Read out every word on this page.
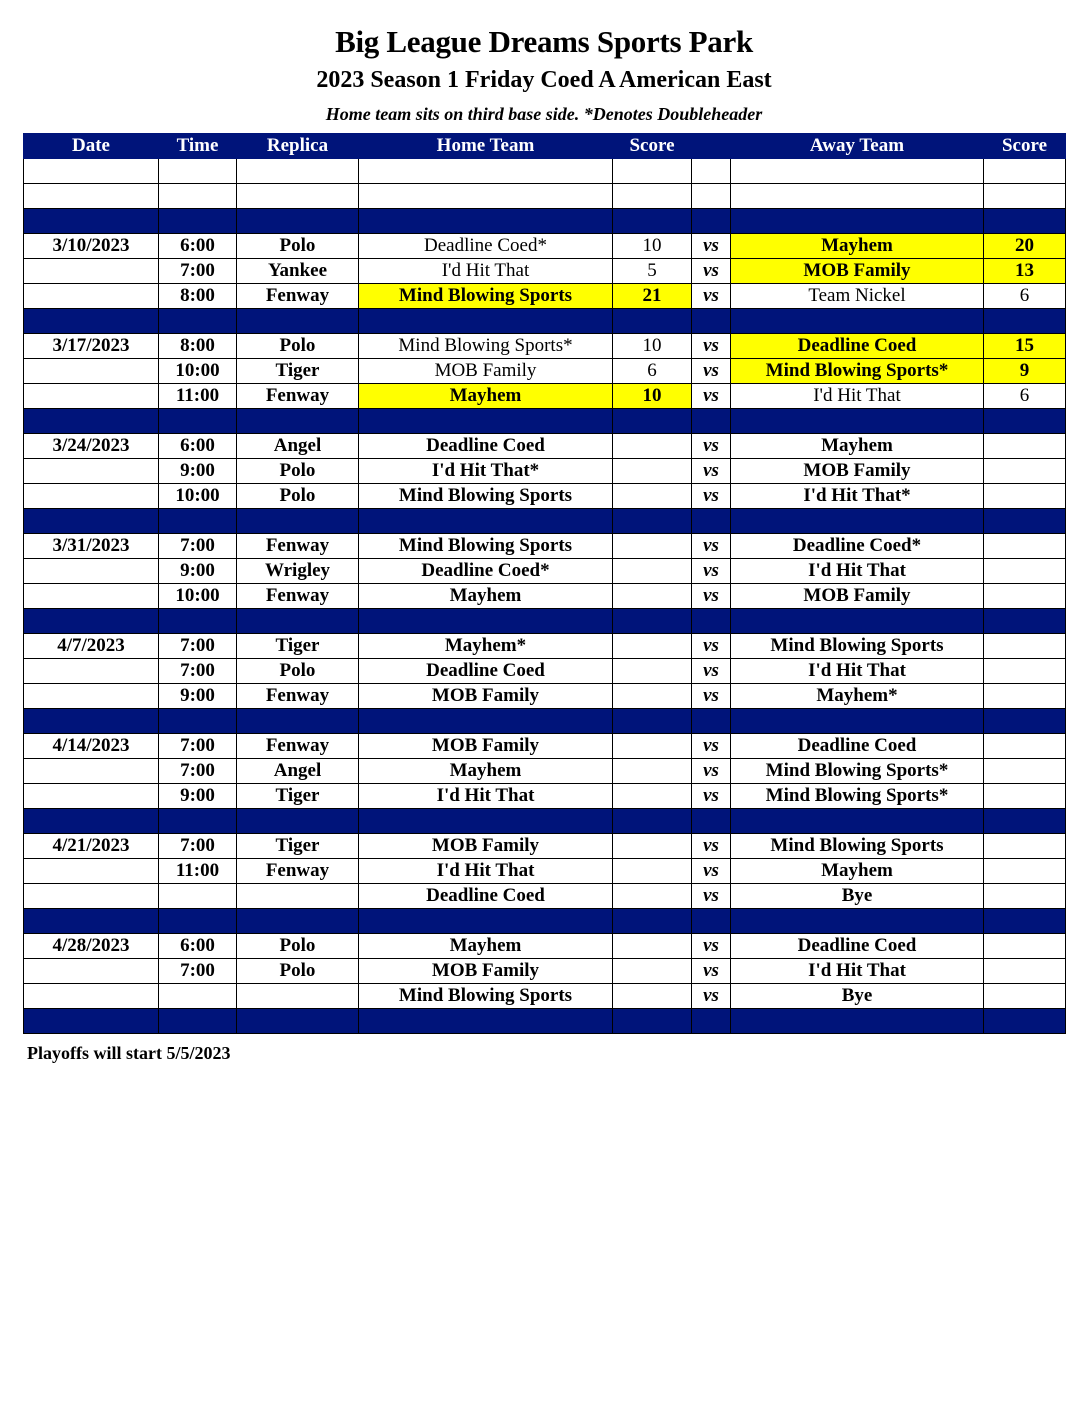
Big League Dreams Sports Park
2023 Season 1 Friday Coed A American East
Home team sits on third base side. *Denotes Doubleheader
Date	Time	Replica	Home Team	Score		Away Team	Score

3/10/2023	6:00	Polo	Deadline Coed*	10	vs	Mayhem	20
	7:00	Yankee	I'd Hit That	5	vs	MOB Family	13
	8:00	Fenway	Mind Blowing Sports	21	vs	Team Nickel	6

3/17/2023	8:00	Polo	Mind Blowing Sports*	10	vs	Deadline Coed	15
	10:00	Tiger	MOB Family	6	vs	Mind Blowing Sports*	9
	11:00	Fenway	Mayhem	10	vs	I'd Hit That	6

3/24/2023	6:00	Angel	Deadline Coed		vs	Mayhem	
	9:00	Polo	I'd Hit That*		vs	MOB Family	
	10:00	Polo	Mind Blowing Sports		vs	I'd Hit That*	

3/31/2023	7:00	Fenway	Mind Blowing Sports		vs	Deadline Coed*	
	9:00	Wrigley	Deadline Coed*		vs	I'd Hit That	
	10:00	Fenway	Mayhem		vs	MOB Family	

4/7/2023	7:00	Tiger	Mayhem*		vs	Mind Blowing Sports	
	7:00	Polo	Deadline Coed		vs	I'd Hit That	
	9:00	Fenway	MOB Family		vs	Mayhem*	

4/14/2023	7:00	Fenway	MOB Family		vs	Deadline Coed	
	7:00	Angel	Mayhem		vs	Mind Blowing Sports*	
	9:00	Tiger	I'd Hit That		vs	Mind Blowing Sports*	

4/21/2023	7:00	Tiger	MOB Family		vs	Mind Blowing Sports	
	11:00	Fenway	I'd Hit That		vs	Mayhem	
			Deadline Coed		vs	Bye	

4/28/2023	6:00	Polo	Mayhem		vs	Deadline Coed	
	7:00	Polo	MOB Family		vs	I'd Hit That	
			Mind Blowing Sports		vs	Bye	

Playoffs will start 5/5/2023
